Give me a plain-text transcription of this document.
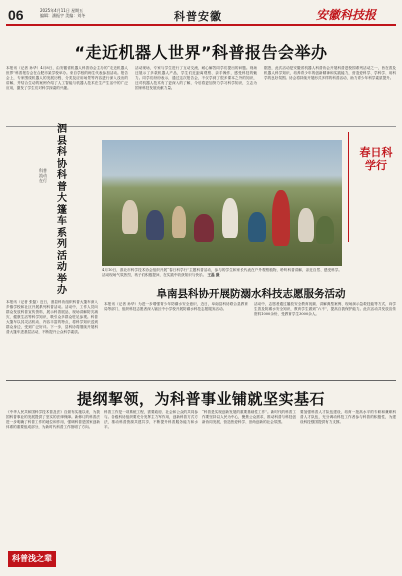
06	2025年4月11日 星期五
编辑：潘振宇 美编：刘冬	科普安徽	安徽科技报
“走近机器人世界”科普报告会举办
本报讯（记者 孙华）4月8日，由安徽省机器人科普协会主办的“走近机器人世界”科普报告会在合肥市某学校举办。来自学校的师生代表参加活动。报告会上，专家围绕机器人的发展历程、分类及应用场景等内容进行深入浅出的讲解，并结合生动的案例介绍了人工智能与机器人技术在生产生活中的广泛应用，激发了学生们对科学探索的兴趣。
活动现场，专家与学生进行了互动交流，耐心解答同学们提出的问题。现场还展示了多款机器人产品，学生们近距离观察、亲手操作，感受科技的魅力。同学们纷纷表示，通过这次报告会，不仅学到了很多课本之外的知识，还对机器人技术有了更深入的了解，今后将更加努力学习科学知识，立志为国家科技发展贡献力量。
据悉，此次活动是安徽省机器人科普协会开展科普进校园系列活动之一，旨在普及机器人科学知识，培养青少年的创新精神和实践能力，营造爱科学、学科学、用科学的良好氛围。协会将持续开展形式多样的科普活动，助力青少年科学素质提升。
科普流动在行
泗县科协科普大篷车系列活动举办
本报讯（记者 张磊）近日，泗县科协组织科普大篷车深入乡镇学校和社区开展系列科普活动。活动中，工作人员向群众发放科普宣传资料，展示科普展品，现场讲解防灾减灾、健康生活等科学知识，吸引众多群众驻足参观。科普大篷车以其灵活机动、内容丰富的特点，将科学知识送到群众身边，受到广泛好评。下一步，县科协将继续开展科普大篷车进基层活动，不断提升公众科学素质。
春日科学行
4月10日，淮北市科学技术协会组织开展“春日科学行”主题科普活动，参与的学生和家长代表在户外观察植物，聆听科普讲解，亲近自然、感受科学。活动现场气氛热烈，孩子们积极提问，在实践中收获知识与快乐。 王磊 摄
阜南县科协开展防溺水科技志愿服务活动
本报讯（记者 孙华）为进一步增强青少年防溺水安全意识，近日，阜南县科协联合县教育局等部门，组织科技志愿者深入辖区中小学校开展防溺水科技志愿服务活动。
活动中，志愿者通过播放安全教育视频、讲解典型案例、现场演示急救技能等方式，向学生普及防溺水安全知识，教育学生做到“六不”，提高自我保护能力。此次活动共发放宣传资料1000余份，受教育学生3000余人。
提纲挈领，为科普事业铺就坚实基石
《中华人民共和国科学技术普及法》自颁布实施以来，为我国科普事业的发展提供了坚实的法律保障。新修订的科普法进一步明确了科普工作的地位和作用，强调科普是国家创新体系的重要组成部分，为新时代科普工作指明了方向。
科普工作是一项系统工程，需要政府、社会和公众的共同参与。各级科协组织要充分发挥主力军作用，创新科普方式方法，推动科普资源共建共享，不断提升科普服务能力和水平。
“科普是实现创新发展的重要基础性工作”。新时代的科普工作要坚持以人民为中心，聚焦公众需求，推动科普与科技创新协同发展，营造热爱科学、崇尚创新的社会氛围。
要加强科普人才队伍建设，培育一批高水平的专职和兼职科普人才队伍，充分调动科技工作者参与科普的积极性，为建设科技强国提供有力支撑。
科普浅之辈
